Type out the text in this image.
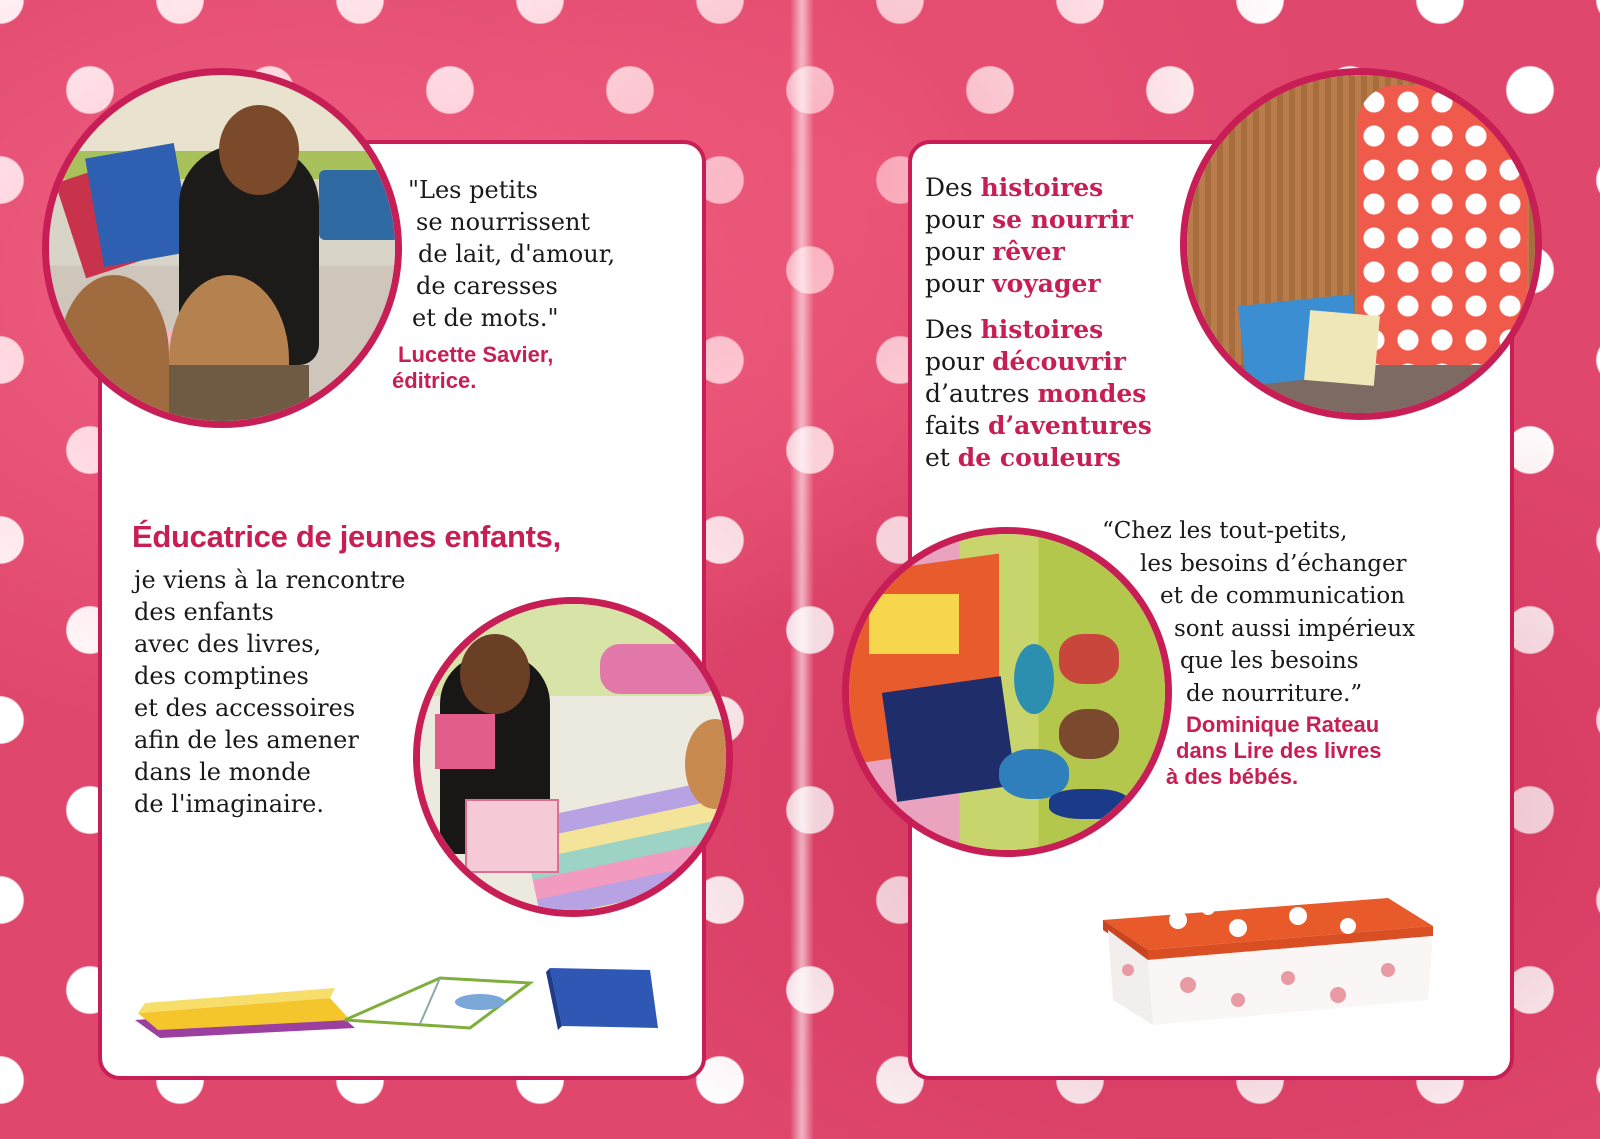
"Les petits
se nourrissent
de lait, d'amour,
de caresses
et de mots."
Lucette Savier,
éditrice.
Éducatrice de jeunes enfants,
je viens à la rencontre
des enfants
avec des livres,
des comptines
et des accessoires
afin de les amener
dans le monde
de l'imaginaire.
Des histoires
pour se nourrir
pour rêver
pour voyager
Des histoires
pour découvrir
d’autres mondes
faits d’aventures
et de couleurs
“Chez les tout-petits,
les besoins d’échanger
et de communication
sont aussi impérieux
que les besoins
de nourriture.”
Dominique Rateau
dans Lire des livres
à des bébés.
